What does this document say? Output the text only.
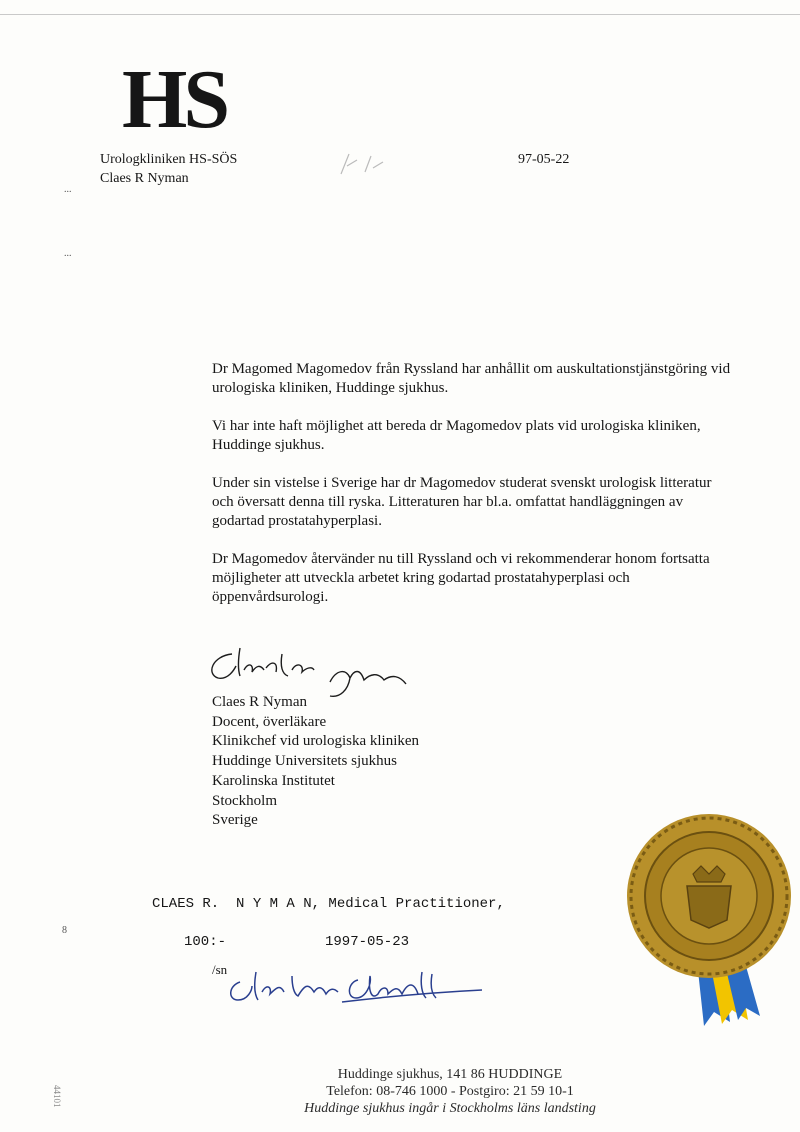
HS
Urologkliniken HS-SÖS
Claes R Nyman
97-05-22
...
...
8

Dr Magomed Magomedov från Ryssland har anhållit om auskultationstjänstgöring vid urologiska kliniken, Huddinge sjukhus.

Vi har inte haft möjlighet att bereda dr Magomedov plats vid urologiska kliniken, Huddinge sjukhus.

Under sin vistelse i Sverige har dr Magomedov studerat svenskt urologisk litteratur och översatt denna till ryska. Litteraturen har bl.a. omfattat handläggningen av godartad prostatahyperplasi.

Dr Magomedov återvänder nu till Ryssland och vi rekommenderar honom fortsatta möjligheter att utveckla arbetet kring godartad prostatahyperplasi och öppenvårdsurologi.

Claes R Nyman
Docent, överläkare
Klinikchef vid urologiska kliniken
Huddinge Universitets sjukhus
Karolinska Institutet
Stockholm
Sverige
CLAES R.  N Y M A N, Medical Practitioner,
100:-	1997-05-23
/sn
44101
Huddinge sjukhus, 141 86 HUDDINGE
Telefon: 08-746 1000 - Postgiro: 21 59 10-1
Huddinge sjukhus ingår i Stockholms läns landsting
